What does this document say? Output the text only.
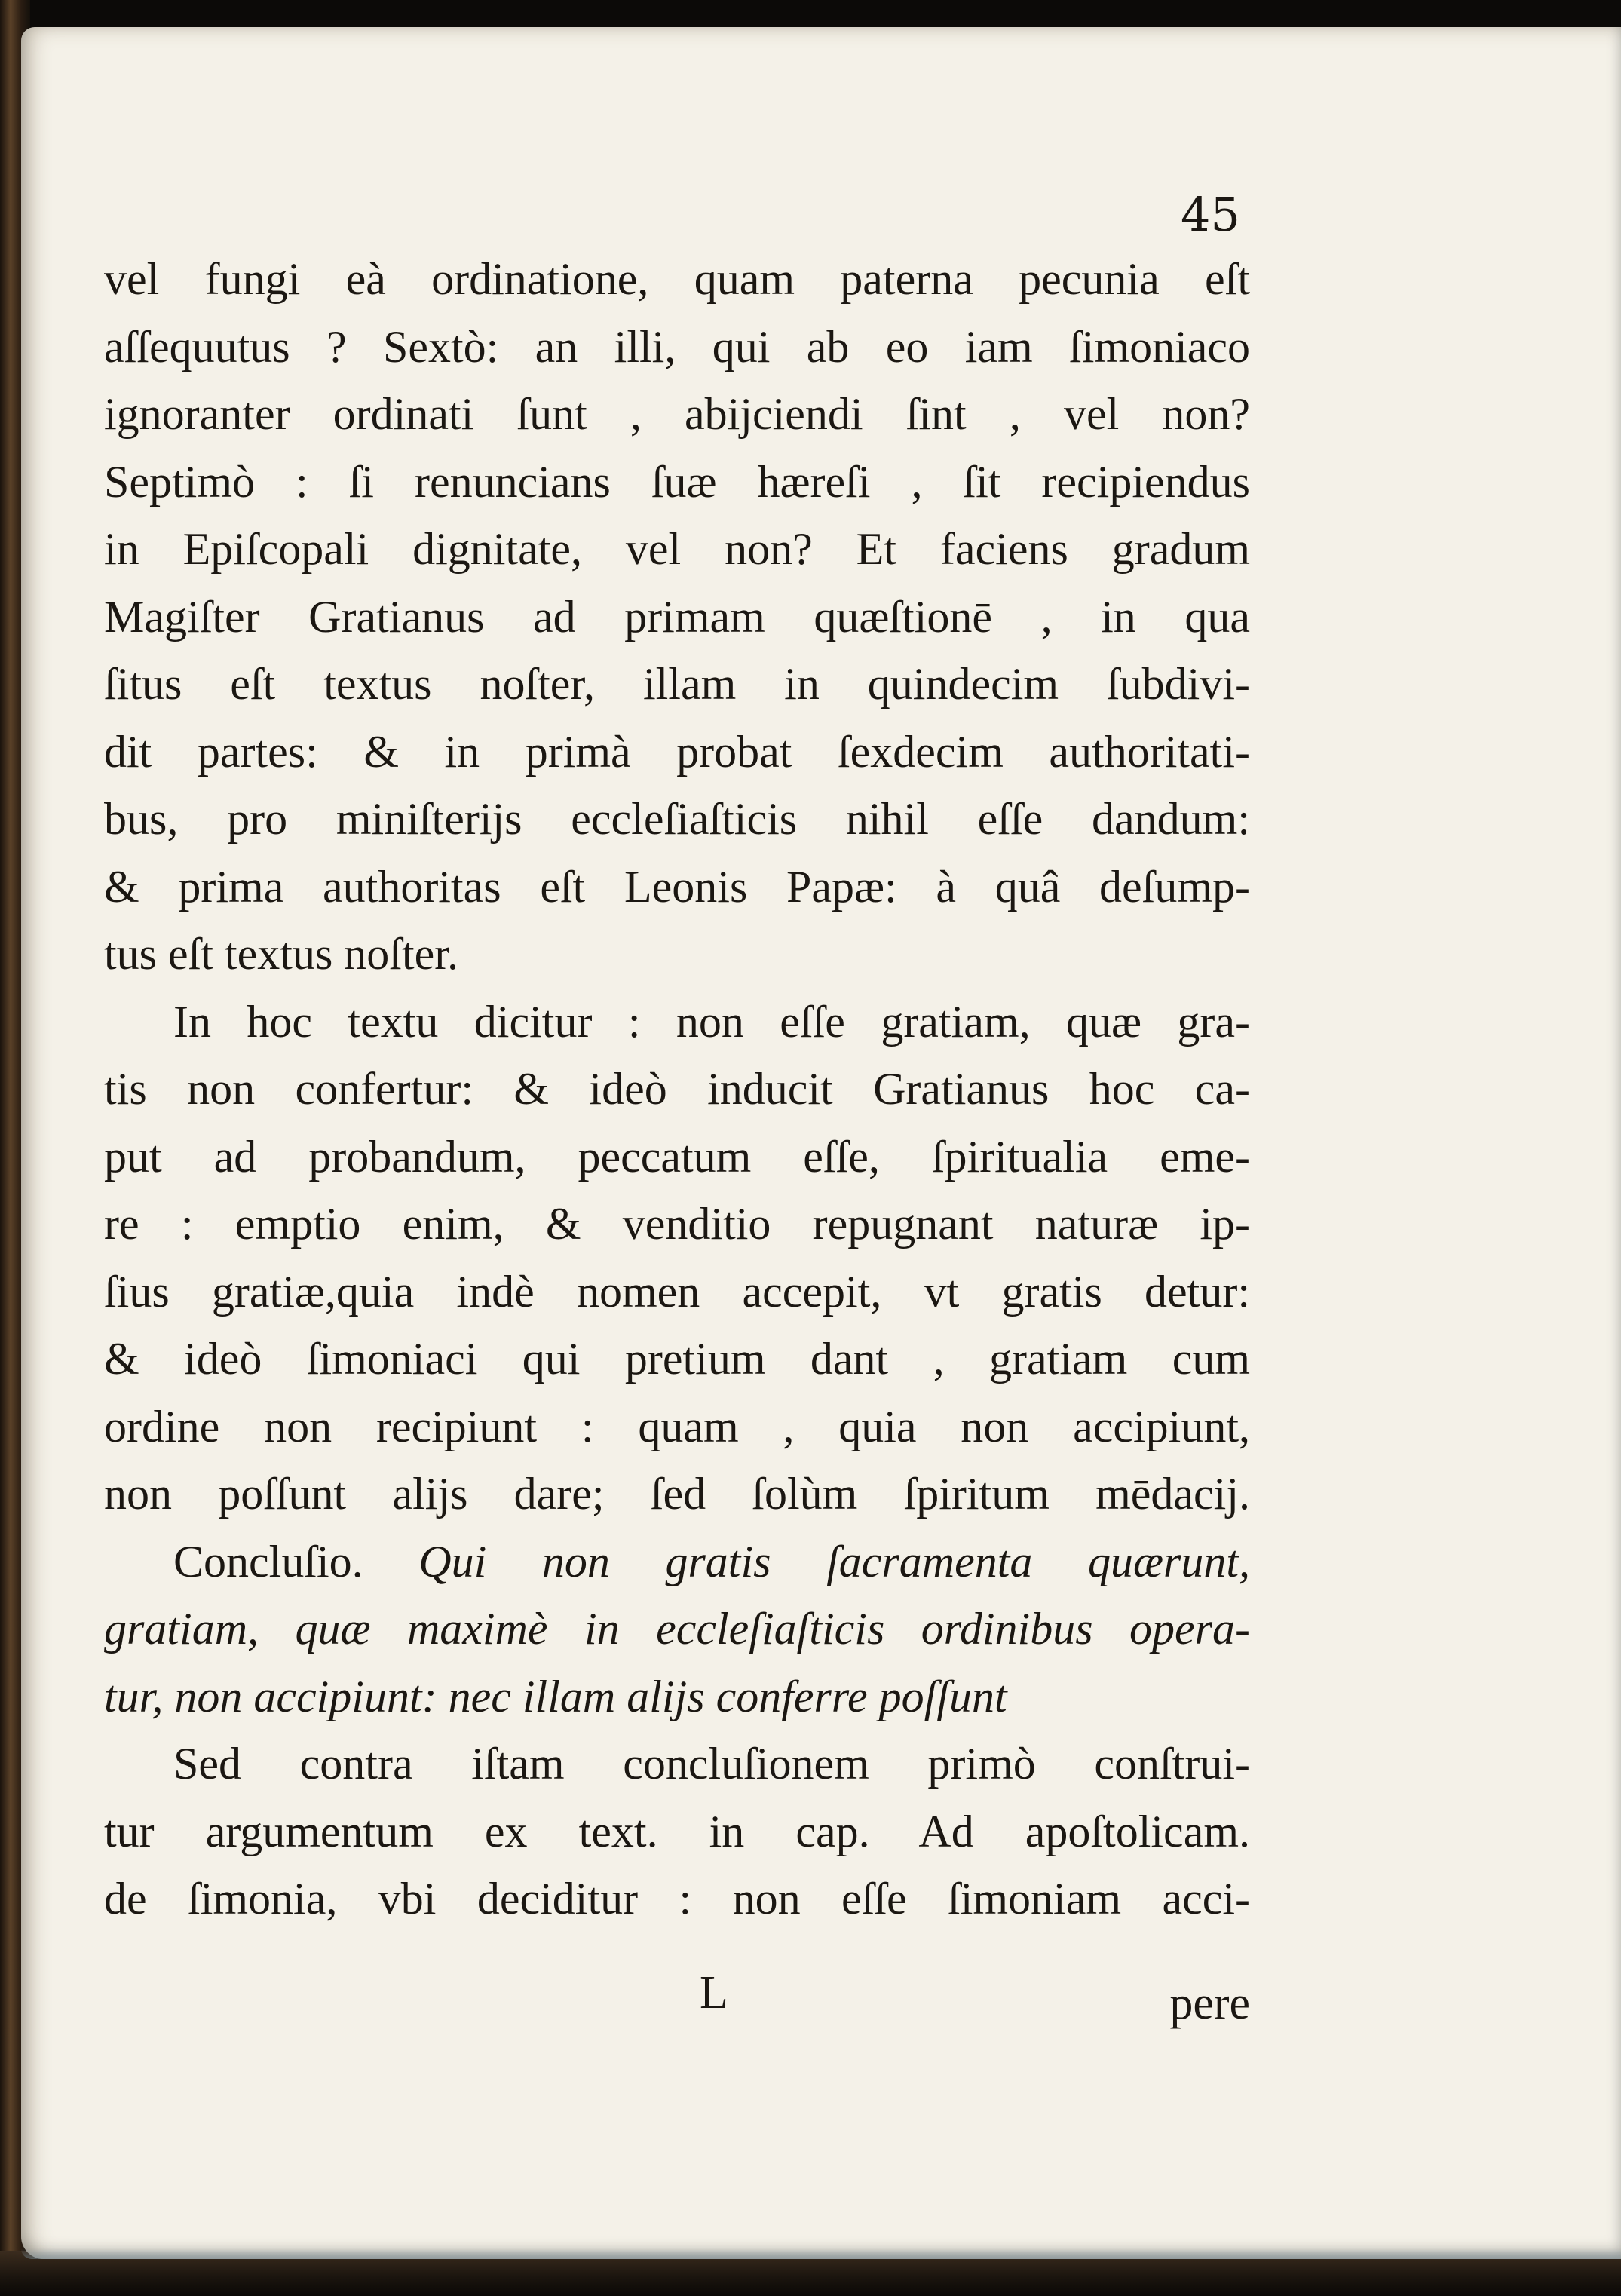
45

vel fungi eà ordinatione, quam paterna pecunia eſt
aſſequutus ? Sextò: an illi, qui ab eo iam ſimoniaco
ignoranter ordinati ſunt , abijciendi ſint , vel non?
Septimò : ſi renuncians ſuæ hæreſi , ſit recipiendus
in Epiſcopali dignitate, vel non? Et faciens gradum
Magiſter Gratianus ad primam quæſtionē , in qua
ſitus eſt textus noſter, illam in quindecim ſubdivi-
dit partes: & in primà probat ſexdecim authoritati-
bus, pro miniſterijs eccleſiaſticis nihil eſſe dandum:
& prima authoritas eſt Leonis Papæ: à quâ deſump-
tus eſt textus noſter.
In hoc textu dicitur : non eſſe gratiam, quæ gra-
tis non confertur: & ideò inducit Gratianus hoc ca-
put ad probandum, peccatum eſſe, ſpiritualia eme-
re : emptio enim, & venditio repugnant naturæ ip-
ſius gratiæ,quia indè nomen accepit, vt gratis detur:
& ideò ſimoniaci qui pretium dant , gratiam cum
ordine non recipiunt : quam , quia non accipiunt,
non poſſunt alijs dare; ſed ſolùm ſpiritum mēdacij.
Concluſio. Qui non gratis ſacramenta quærunt,
gratiam, quæ maximè in eccleſiaſticis ordinibus opera-
tur, non accipiunt: nec illam alijs conferre poſſunt
Sed contra iſtam concluſionem primò conſtrui-
tur argumentum ex text. in cap. Ad apoſtolicam.
de ſimonia, vbi deciditur : non eſſe ſimoniam acci-

L	pere
